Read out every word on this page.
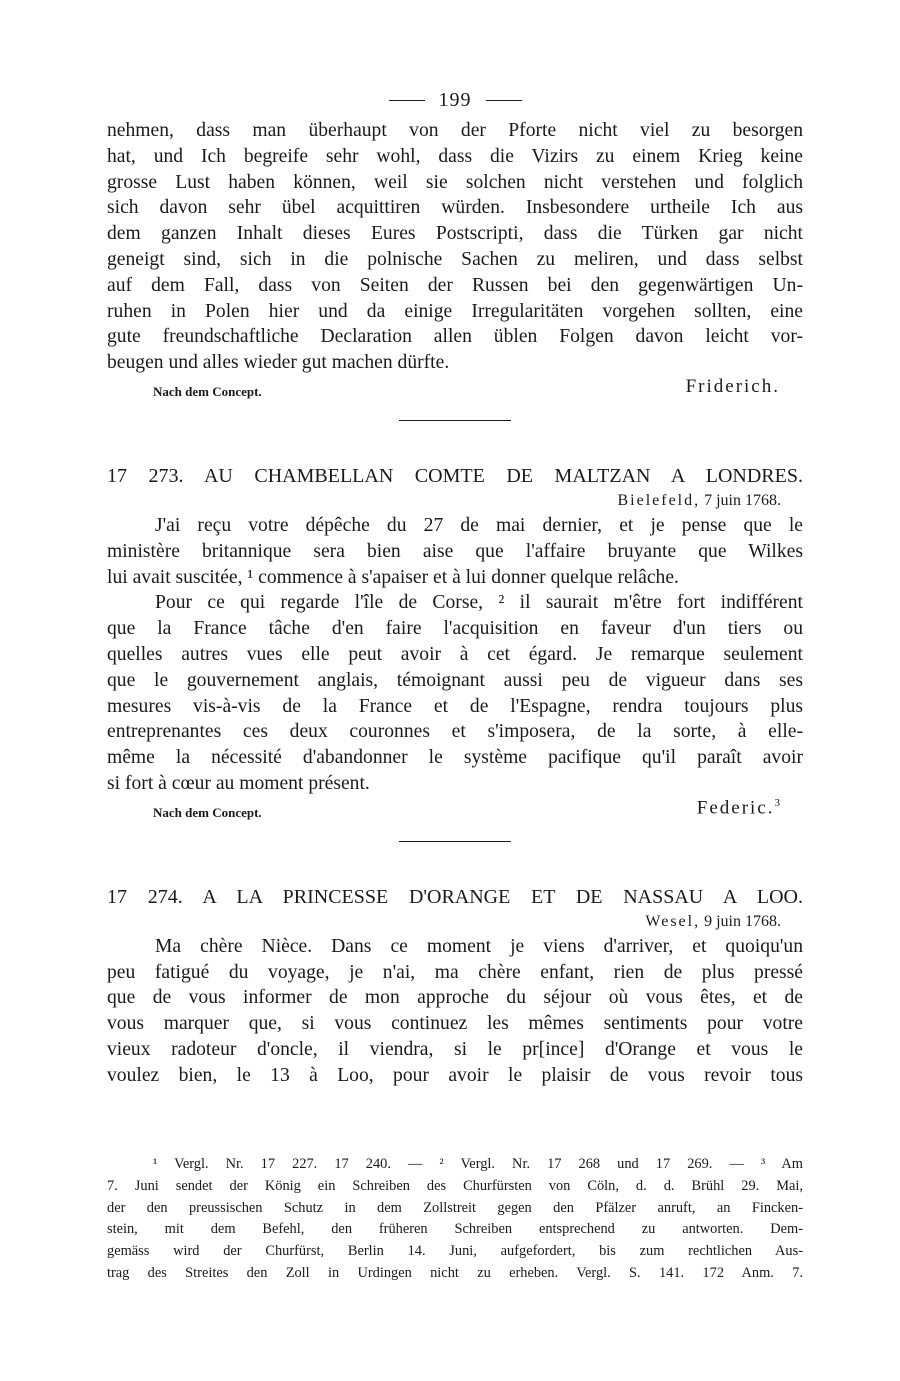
199
nehmen, dass man überhaupt von der Pforte nicht viel zu besorgen
hat, und Ich begreife sehr wohl, dass die Vizirs zu einem Krieg keine
grosse Lust haben können, weil sie solchen nicht verstehen und folglich
sich davon sehr übel acquittiren würden. Insbesondere urtheile Ich aus
dem ganzen Inhalt dieses Eures Postscripti, dass die Türken gar nicht
geneigt sind, sich in die polnische Sachen zu meliren, und dass selbst
auf dem Fall, dass von Seiten der Russen bei den gegenwärtigen Un-
ruhen in Polen hier und da einige Irregularitäten vorgehen sollten, eine
gute freundschaftliche Declaration allen üblen Folgen davon leicht vor-
beugen und alles wieder gut machen dürfte.
Nach dem Concept.	Friderich.
17 273. AU CHAMBELLAN COMTE DE MALTZAN A LONDRES.
Bielefeld, 7 juin 1768.
J'ai reçu votre dépêche du 27 de mai dernier, et je pense que le
ministère britannique sera bien aise que l'affaire bruyante que Wilkes
lui avait suscitée, ¹ commence à s'apaiser et à lui donner quelque relâche.
Pour ce qui regarde l'île de Corse, ² il saurait m'être fort indifférent
que la France tâche d'en faire l'acquisition en faveur d'un tiers ou
quelles autres vues elle peut avoir à cet égard. Je remarque seulement
que le gouvernement anglais, témoignant aussi peu de vigueur dans ses
mesures vis-à-vis de la France et de l'Espagne, rendra toujours plus
entreprenantes ces deux couronnes et s'imposera, de la sorte, à elle-
même la nécessité d'abandonner le système pacifique qu'il paraît avoir
si fort à cœur au moment présent.
Nach dem Concept.	Federic.$^3$
17 274. A LA PRINCESSE D'ORANGE ET DE NASSAU A LOO.
Wesel, 9 juin 1768.
Ma chère Nièce. Dans ce moment je viens d'arriver, et quoiqu'un
peu fatigué du voyage, je n'ai, ma chère enfant, rien de plus pressé
que de vous informer de mon approche du séjour où vous êtes, et de
vous marquer que, si vous continuez les mêmes sentiments pour votre
vieux radoteur d'oncle, il viendra, si le pr[ince] d'Orange et vous le
voulez bien, le 13 à Loo, pour avoir le plaisir de vous revoir tous
¹ Vergl. Nr. 17 227. 17 240. — ² Vergl. Nr. 17 268 und 17 269. — ³ Am
7. Juni sendet der König ein Schreiben des Churfürsten von Cöln, d. d. Brühl 29. Mai,
der den preussischen Schutz in dem Zollstreit gegen den Pfälzer anruft, an Fincken-
stein, mit dem Befehl, den früheren Schreiben entsprechend zu antworten. Dem-
gemäss wird der Churfürst, Berlin 14. Juni, aufgefordert, bis zum rechtlichen Aus-
trag des Streites den Zoll in Urdingen nicht zu erheben. Vergl. S. 141. 172 Anm. 7.
